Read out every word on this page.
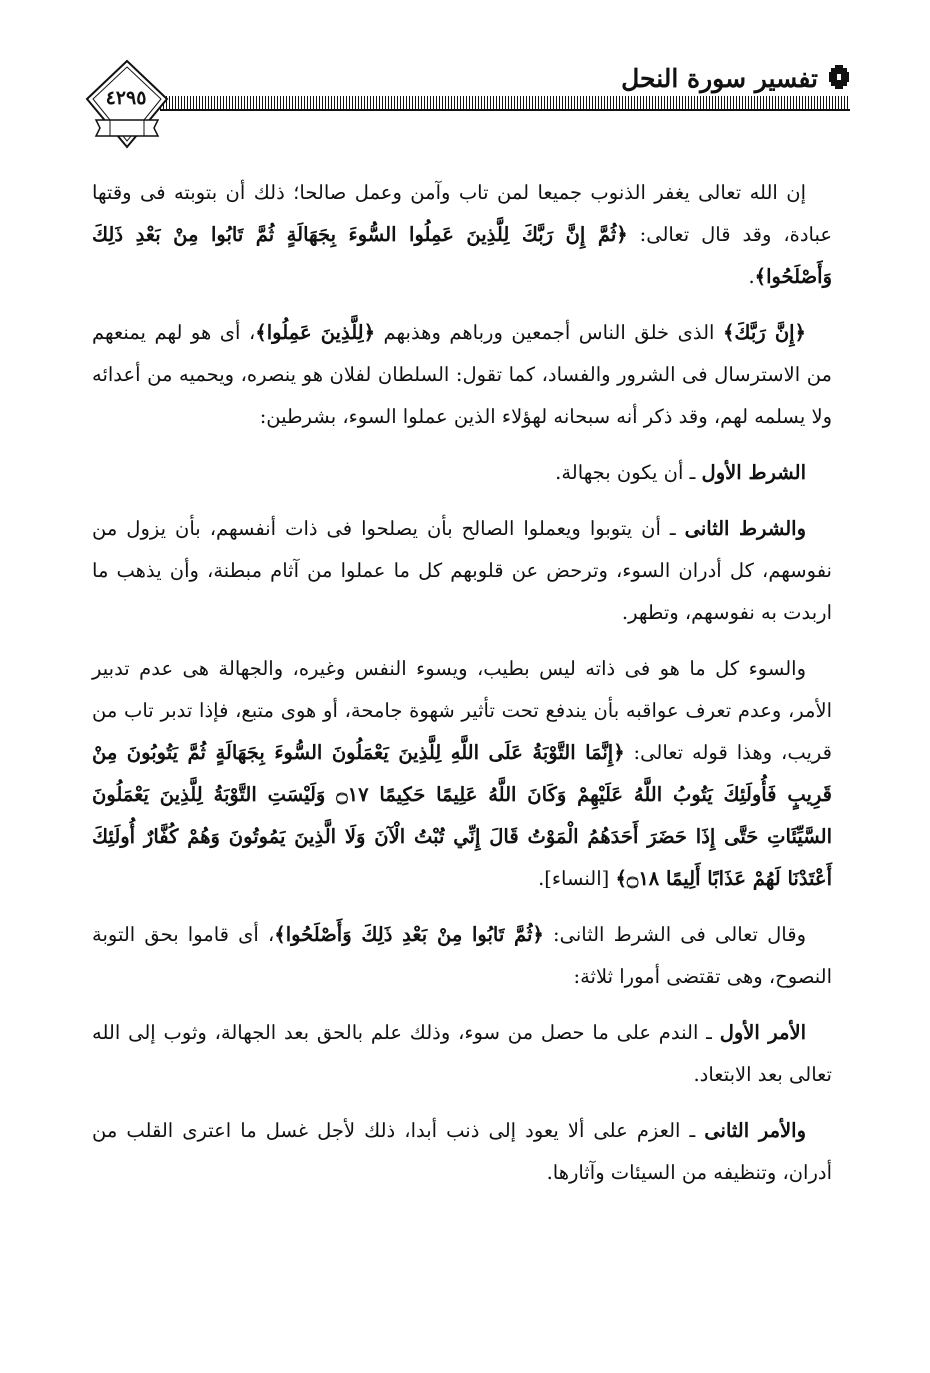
تفسير سورة النحل
٤٢٩٥

إن الله تعالى يغفر الذنوب جميعا لمن تاب وآمن وعمل صالحا؛ ذلك أن بتوبته فى وقتها عبادة، وقد قال تعالى: ﴿ثُمَّ إِنَّ رَبَّكَ لِلَّذِينَ عَمِلُوا السُّوءَ بِجَهَالَةٍ ثُمَّ تَابُوا مِنْ بَعْدِ ذَلِكَ وَأَصْلَحُوا﴾.

﴿إِنَّ رَبَّكَ﴾ الذى خلق الناس أجمعين ورباهم وهذبهم ﴿لِلَّذِينَ عَمِلُوا﴾، أى هو لهم يمنعهم من الاسترسال فى الشرور والفساد، كما تقول: السلطان لفلان هو ينصره، ويحميه من أعدائه ولا يسلمه لهم، وقد ذكر أنه سبحانه لهؤلاء الذين عملوا السوء، بشرطين:

الشرط الأول ـ أن يكون بجهالة.

والشرط الثانى ـ أن يتوبوا ويعملوا الصالح بأن يصلحوا فى ذات أنفسهم، بأن يزول من نفوسهم، كل أدران السوء، وترحض عن قلوبهم كل ما عملوا من آثام مبطنة، وأن يذهب ما اربدت به نفوسهم، وتطهر.

والسوء كل ما هو فى ذاته ليس بطيب، ويسوء النفس وغيره، والجهالة هى عدم تدبير الأمر، وعدم تعرف عواقبه بأن يندفع تحت تأثير شهوة جامحة، أو هوى متبع، فإذا تدبر تاب من قريب، وهذا قوله تعالى: ﴿إِنَّمَا التَّوْبَةُ عَلَى اللَّهِ لِلَّذِينَ يَعْمَلُونَ السُّوءَ بِجَهَالَةٍ ثُمَّ يَتُوبُونَ مِنْ قَرِيبٍ فَأُولَئِكَ يَتُوبُ اللَّهُ عَلَيْهِمْ وَكَانَ اللَّهُ عَلِيمًا حَكِيمًا ۝١٧ وَلَيْسَتِ التَّوْبَةُ لِلَّذِينَ يَعْمَلُونَ السَّيِّئَاتِ حَتَّى إِذَا حَضَرَ أَحَدَهُمُ الْمَوْتُ قَالَ إِنِّي تُبْتُ الْآنَ وَلَا الَّذِينَ يَمُوتُونَ وَهُمْ كُفَّارٌ أُولَئِكَ أَعْتَدْنَا لَهُمْ عَذَابًا أَلِيمًا ۝١٨﴾ [النساء].

وقال تعالى فى الشرط الثانى: ﴿ثُمَّ تَابُوا مِنْ بَعْدِ ذَلِكَ وَأَصْلَحُوا﴾، أى قاموا بحق التوبة النصوح، وهى تقتضى أمورا ثلاثة:

الأمر الأول ـ الندم على ما حصل من سوء، وذلك علم بالحق بعد الجهالة، وثوب إلى الله تعالى بعد الابتعاد.

والأمر الثانى ـ العزم على ألا يعود إلى ذنب أبدا، ذلك لأجل غسل ما اعترى القلب من أدران، وتنظيفه من السيئات وآثارها.
